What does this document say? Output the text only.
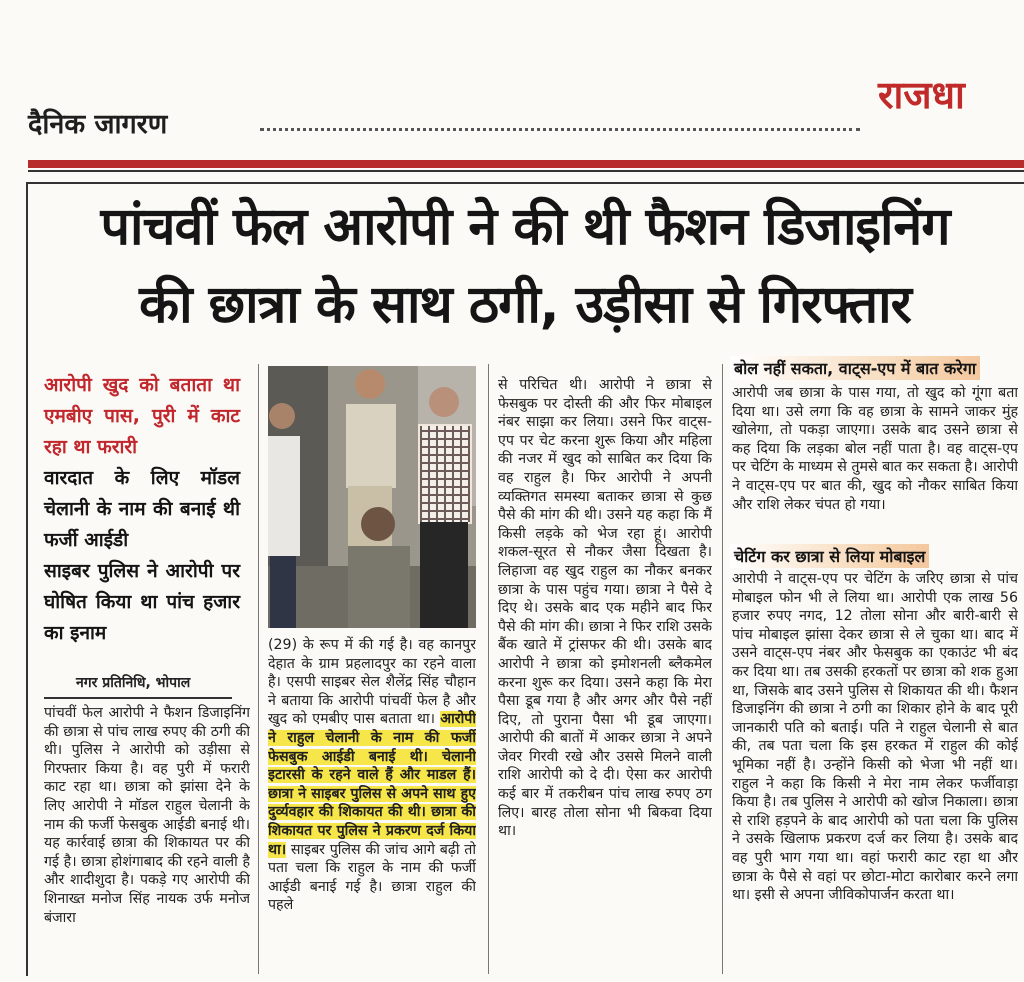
दैनिक जागरण
राजधा
पांचवीं फेल आरोपी ने की थी फैशन डिजाइनिंग
की छात्रा के साथ ठगी, उड़ीसा से गिरफ्तार

आरोपी खुद को बताता था एमबीए पास, पुरी में काट रहा था फरारी

वारदात के लिए मॉडल चेलानी के नाम की बनाई थी फर्जी आईडी

साइबर पुलिस ने आरोपी पर घोषित किया था पांच हजार का इनाम

नगर प्रतिनिधि, भोपाल

पांचवीं फेल आरोपी ने फैशन डिजाइनिंग की छात्रा से पांच लाख रुपए की ठगी की थी। पुलिस ने आरोपी को उड़ीसा से गिरफ्तार किया है। वह पुरी में फरारी काट रहा था। छात्रा को झांसा देने के लिए आरोपी ने मॉडल राहुल चेलानी के नाम की फर्जी फेसबुक आईडी बनाई थी। यह कार्रवाई छात्रा की शिकायत पर की गई है। छात्रा होशंगाबाद की रहने वाली है और शादीशुदा है। पकड़े गए आरोपी की शिनाख्त मनोज सिंह नायक उर्फ मनोज बंजारा

(29) के रूप में की गई है। वह कानपुर देहात के ग्राम प्रहलादपुर का रहने वाला है। एसपी साइबर सेल शैलेंद्र सिंह चौहान ने बताया कि आरोपी पांचवीं फेल है और खुद को एमबीए पास बताता था। आरोपी ने राहुल चेलानी के नाम की फर्जी फेसबुक आईडी बनाई थी। चेलानी इटारसी के रहने वाले हैं और माडल हैं। छात्रा ने साइबर पुलिस से अपने साथ हुए दुर्व्यवहार की शिकायत की थी। छात्रा की शिकायत पर पुलिस ने प्रकरण दर्ज किया था। साइबर पुलिस की जांच आगे बढ़ी तो पता चला कि राहुल के नाम की फर्जी आईडी बनाई गई है। छात्रा राहुल की पहले

से परिचित थी। आरोपी ने छात्रा से फेसबुक पर दोस्ती की और फिर मोबाइल नंबर साझा कर लिया। उसने फिर वाट्स-एप पर चेट करना शुरू किया और महिला की नजर में खुद को साबित कर दिया कि वह राहुल है। फिर आरोपी ने अपनी व्यक्तिगत समस्या बताकर छात्रा से कुछ पैसे की मांग की थी। उसने यह कहा कि मैं किसी लड़के को भेज रहा हूं। आरोपी शकल-सूरत से नौकर जैसा दिखता है। लिहाजा वह खुद राहुल का नौकर बनकर छात्रा के पास पहुंच गया। छात्रा ने पैसे दे दिए थे। उसके बाद एक महीने बाद फिर पैसे की मांग की। छात्रा ने फिर राशि उसके बैंक खाते में ट्रांसफर की थी। उसके बाद आरोपी ने छात्रा को इमोशनली ब्लैकमेल करना शुरू कर दिया। उसने कहा कि मेरा पैसा डूब गया है और अगर और पैसे नहीं दिए, तो पुराना पैसा भी डूब जाएगा। आरोपी की बातों में आकर छात्रा ने अपने जेवर गिरवी रखे और उससे मिलने वाली राशि आरोपी को दे दी। ऐसा कर आरोपी कई बार में तकरीबन पांच लाख रुपए ठग लिए। बारह तोला सोना भी बिकवा दिया था।

बोल नहीं सकता, वाट्स-एप में बात करेगा

आरोपी जब छात्रा के पास गया, तो खुद को गूंगा बता दिया था। उसे लगा कि वह छात्रा के सामने जाकर मुंह खोलेगा, तो पकड़ा जाएगा। उसके बाद उसने छात्रा से कह दिया कि लड़का बोल नहीं पाता है। वह वाट्स-एप पर चेटिंग के माध्यम से तुमसे बात कर सकता है। आरोपी ने वाट्स-एप पर बात की, खुद को नौकर साबित किया और राशि लेकर चंपत हो गया।

चेटिंग कर छात्रा से लिया मोबाइल

आरोपी ने वाट्स-एप पर चेटिंग के जरिए छात्रा से पांच मोबाइल फोन भी ले लिया था। आरोपी एक लाख 56 हजार रुपए नगद, 12 तोला सोना और बारी-बारी से पांच मोबाइल झांसा देकर छात्रा से ले चुका था। बाद में उसने वाट्स-एप नंबर और फेसबुक का एकाउंट भी बंद कर दिया था। तब उसकी हरकतों पर छात्रा को शक हुआ था, जिसके बाद उसने पुलिस से शिकायत की थी। फैशन डिजाइनिंग की छात्रा ने ठगी का शिकार होने के बाद पूरी जानकारी पति को बताई। पति ने राहुल चेलानी से बात की, तब पता चला कि इस हरकत में राहुल की कोई भूमिका नहीं है। उन्होंने किसी को भेजा भी नहीं था। राहुल ने कहा कि किसी ने मेरा नाम लेकर फर्जीवाड़ा किया है। तब पुलिस ने आरोपी को खोज निकाला। छात्रा से राशि हड़पने के बाद आरोपी को पता चला कि पुलिस ने उसके खिलाफ प्रकरण दर्ज कर लिया है। उसके बाद वह पुरी भाग गया था। वहां फरारी काट रहा था और छात्रा के पैसे से वहां पर छोटा-मोटा कारोबार करने लगा था। इसी से अपना जीविकोपार्जन करता था।
